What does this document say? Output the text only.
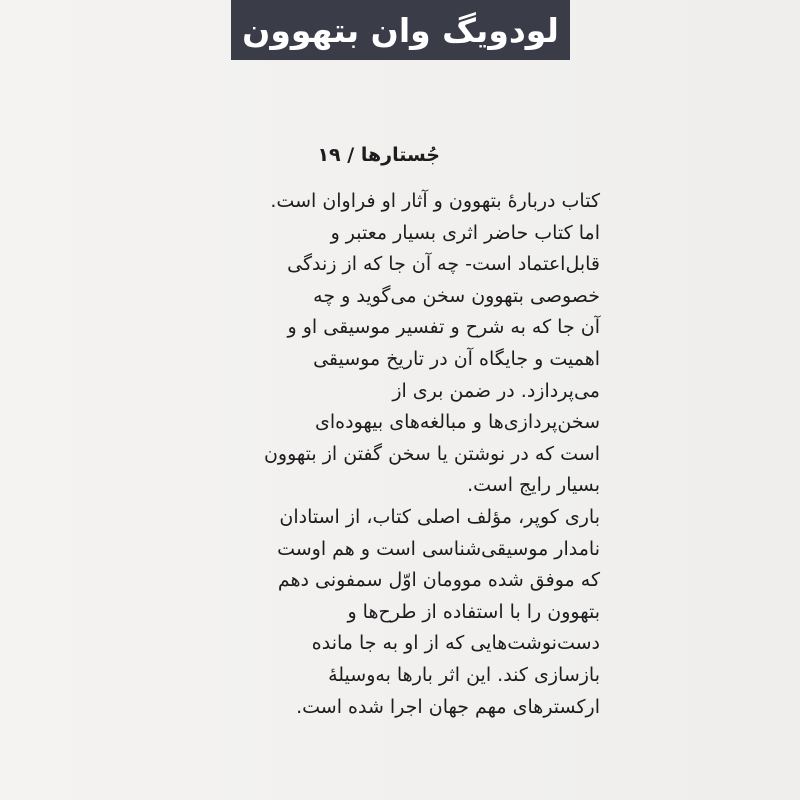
لودویگ وان بتهوون
جُستارها / ۱۹
کتاب دربارۀ بتهوون و آثار او فراوان است.
اما کتاب حاضر اثری بسیار معتبر و
قابل‌اعتماد است- چه آن جا که از زندگی
خصوصی بتهوون سخن می‌گوید و چه
آن جا که به شرح و تفسیر موسیقی او و
اهمیت و جایگاه آن در تاریخ موسیقی
می‌پردازد. در ضمن بری از
سخن‌پردازی‌ها و مبالغه‌های بیهوده‌ای
است که در نوشتن یا سخن گفتن از بتهوون
بسیار رایج است.
باری کوپر، مؤلف اصلی کتاب، از استادان
نامدار موسیقی‌شناسی است و هم اوست
که موفق شده موومان اوّل سمفونی دهم
بتهوون را با استفاده از طرح‌ها و
دست‌نوشت‌هایی که از او به جا مانده
بازسازی کند. این اثر بارها به‌وسیلۀ
ارکسترهای مهم جهان اجرا شده است.
